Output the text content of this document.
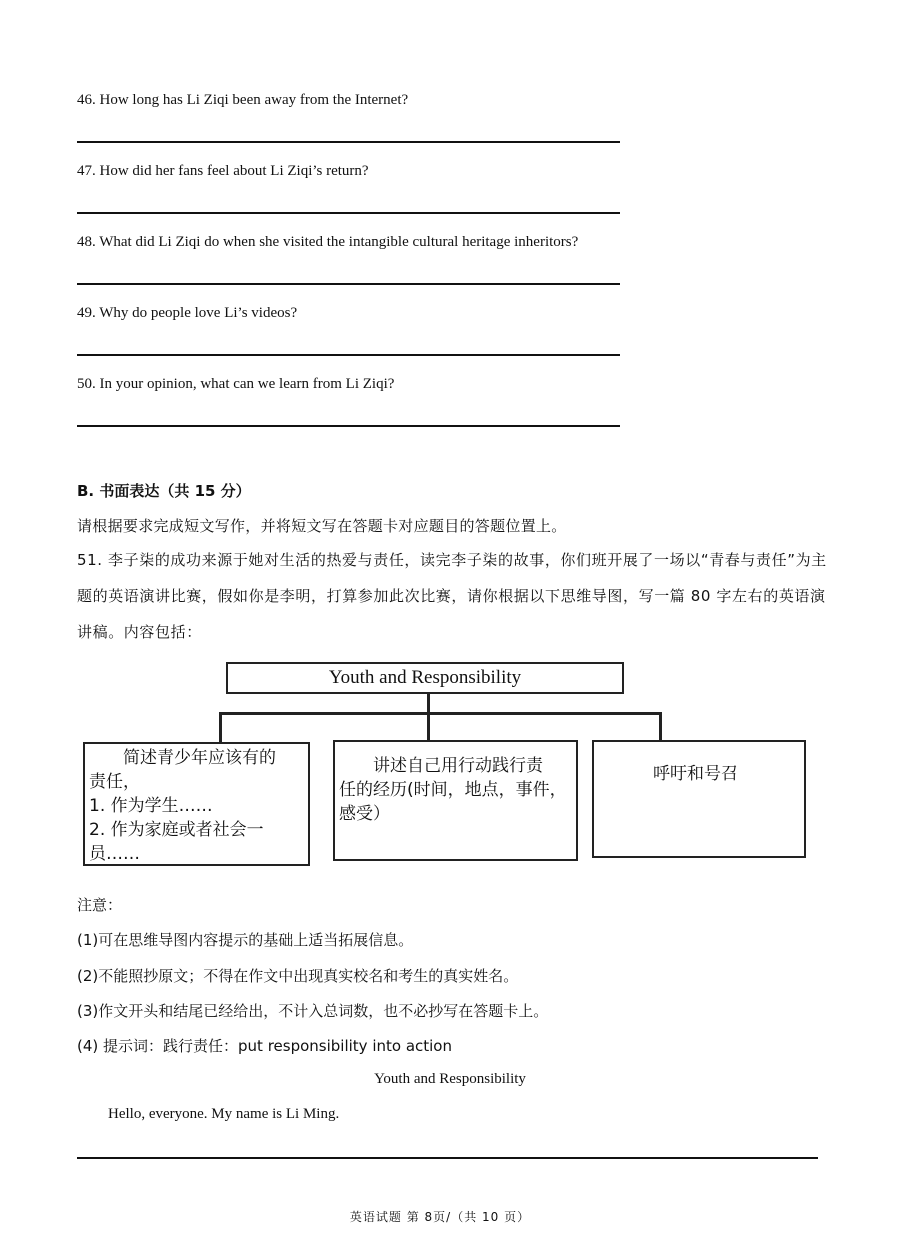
46. How long has Li Ziqi been away from the Internet?
47. How did her fans feel about Li Ziqi’s return?
48. What did Li Ziqi do when she visited the intangible cultural heritage inheritors?
49. Why do people love Li’s videos?
50. In your opinion, what can we learn from Li Ziqi?
B. 书面表达（共 15 分）
请根据要求完成短文写作，并将短文写在答题卡对应题目的答题位置上。
51. 李子柒的成功来源于她对生活的热爱与责任，读完李子柒的故事，你们班开展了一场以“青春与责任”为主题的英语演讲比赛，假如你是李明，打算参加此次比赛，请你根据以下思维导图，写一篇 80 字左右的英语演讲稿。内容包括：
Youth and Responsibility
简述青少年应该有的
责任，
1. 作为学生……
2. 作为家庭或者社会一
员……
讲述自己用行动践行责
任的经历(时间，地点，事件，
感受）
呼吁和号召
注意：
(1)可在思维导图内容提示的基础上适当拓展信息。
(2)不能照抄原文；不得在作文中出现真实校名和考生的真实姓名。
(3)作文开头和结尾已经给出，不计入总词数，也不必抄写在答题卡上。
(4) 提示词：践行责任：put responsibility into action
Youth and Responsibility
Hello, everyone. My name is Li Ming.
英语试题 第 8页/（共 10 页）
